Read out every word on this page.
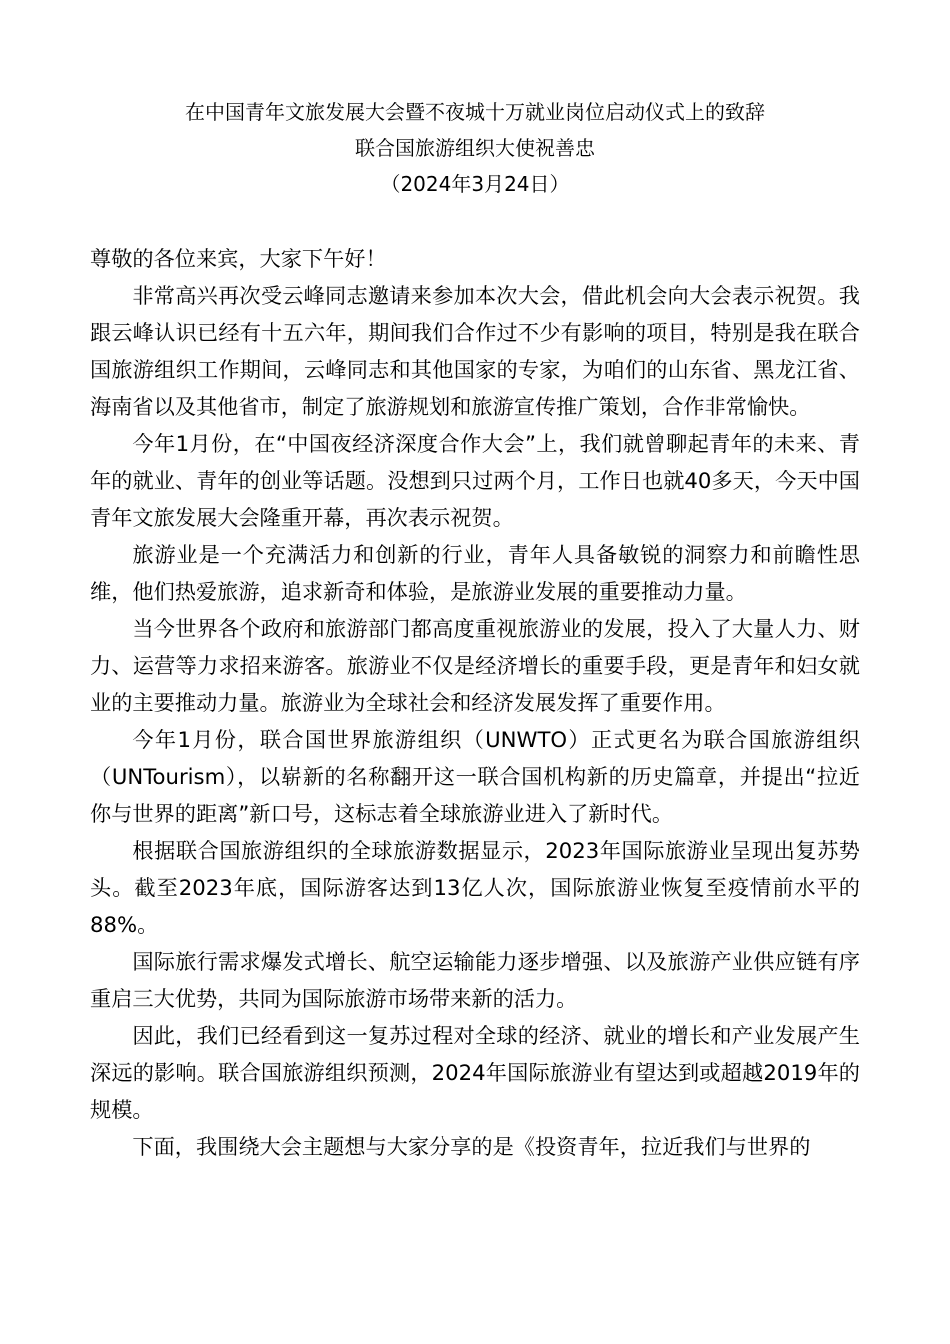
在中国青年文旅发展大会暨不夜城十万就业岗位启动仪式上的致辞
联合国旅游组织大使祝善忠
（2024年3月24日）
尊敬的各位来宾，大家下午好！

非常高兴再次受云峰同志邀请来参加本次大会，借此机会向大会表示祝贺。我跟云峰认识已经有十五六年，期间我们合作过不少有影响的项目，特别是我在联合国旅游组织工作期间，云峰同志和其他国家的专家，为咱们的山东省、黑龙江省、海南省以及其他省市，制定了旅游规划和旅游宣传推广策划，合作非常愉快。

今年1月份，在“中国夜经济深度合作大会”上，我们就曾聊起青年的未来、青年的就业、青年的创业等话题。没想到只过两个月，工作日也就40多天，今天中国青年文旅发展大会隆重开幕，再次表示祝贺。

旅游业是一个充满活力和创新的行业，青年人具备敏锐的洞察力和前瞻性思维，他们热爱旅游，追求新奇和体验，是旅游业发展的重要推动力量。

当今世界各个政府和旅游部门都高度重视旅游业的发展，投入了大量人力、财力、运营等力求招来游客。旅游业不仅是经济增长的重要手段，更是青年和妇女就业的主要推动力量。旅游业为全球社会和经济发展发挥了重要作用。

今年1月份，联合国世界旅游组织（UNWTO）正式更名为联合国旅游组织（UNTourism），以崭新的名称翻开这一联合国机构新的历史篇章，并提出“拉近你与世界的距离”新口号，这标志着全球旅游业进入了新时代。

根据联合国旅游组织的全球旅游数据显示，2023年国际旅游业呈现出复苏势头。截至2023年底，国际游客达到13亿人次，国际旅游业恢复至疫情前水平的88%。

国际旅行需求爆发式增长、航空运输能力逐步增强、以及旅游产业供应链有序重启三大优势，共同为国际旅游市场带来新的活力。

因此，我们已经看到这一复苏过程对全球的经济、就业的增长和产业发展产生深远的影响。联合国旅游组织预测，2024年国际旅游业有望达到或超越2019年的规模。

下面，我围绕大会主题想与大家分享的是《投资青年，拉近我们与世界的
